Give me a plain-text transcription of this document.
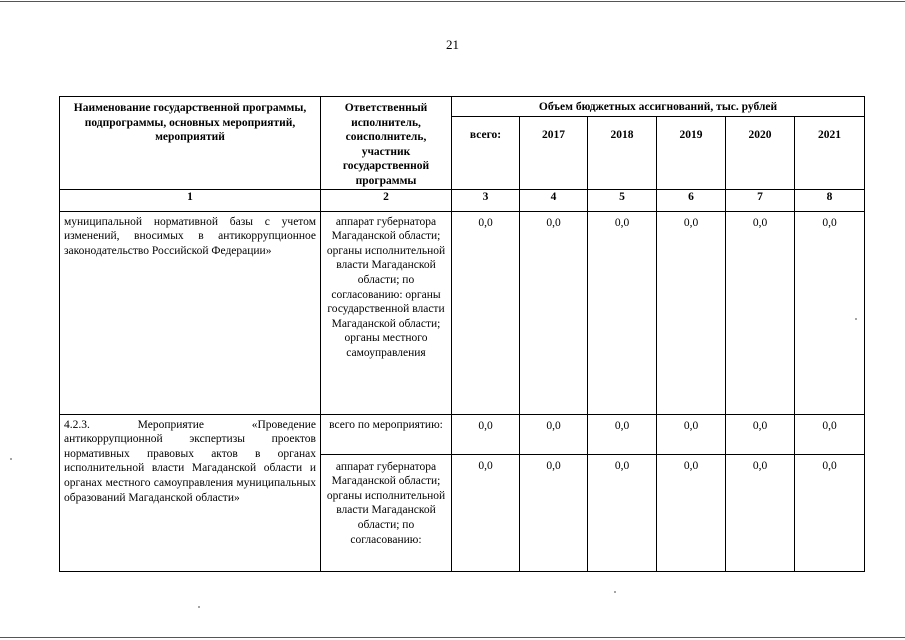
21
Наименование государственной программы, подпрограммы, основных мероприятий, мероприятий	Ответственный исполнитель, соисполнитель, участник государственной программы	Объем бюджетных ассигнований, тыс. рублей					
		всего:	2017	2018	2019	2020	2021
1	2	3	4	5	6	7	8
муниципальной нормативной базы с учетом изменений, вносимых в антикоррупционное законодательство Российской Федерации»	аппарат губернатора Магаданской области; органы исполнительной власти Магаданской области; по согласованию: органы государственной власти Магаданской области; органы местного самоуправления	0,0	0,0	0,0	0,0	0,0	0,0
4.2.3. Мероприятие «Проведение антикоррупционной экспертизы проектов нормативных правовых актов в органах исполнительной власти Магаданской области и органах местного самоуправления муниципальных образований Магаданской области»	всего по мероприятию:	0,0	0,0	0,0	0,0	0,0	0,0
	аппарат губернатора Магаданской области; органы исполнительной власти Магаданской области; по согласованию:	0,0	0,0	0,0	0,0	0,0	0,0
